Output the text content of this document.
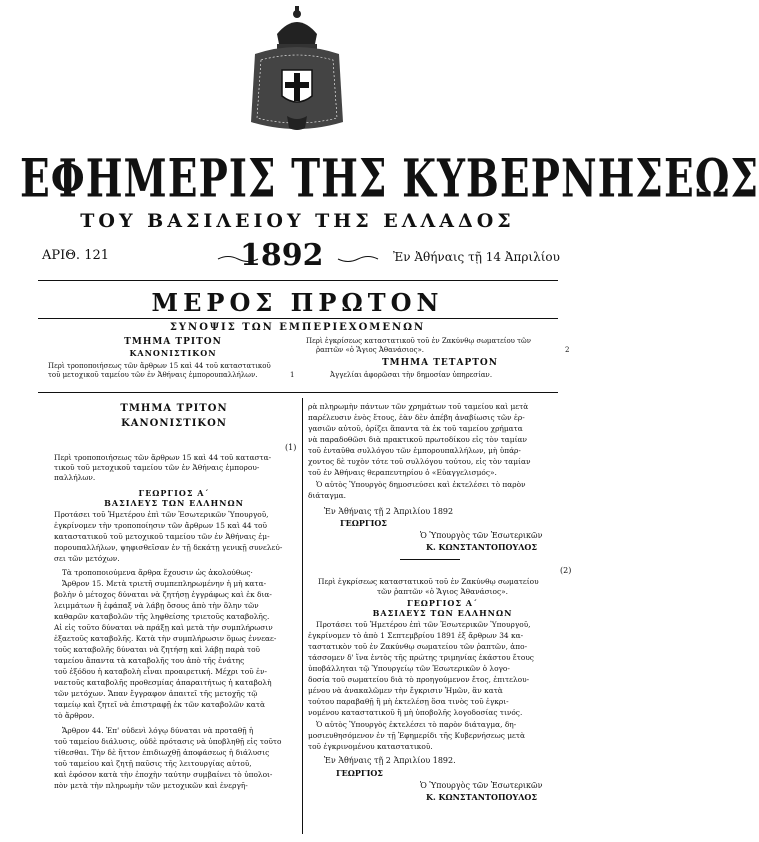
ΕΦΗΜΕΡΙΣ ΤΗΣ ΚΥΒΕΡΝΗΣΕΩΣ
ΤΟΥ ΒΑΣΙΛΕΙΟΥ ΤΗΣ ΕΛΛΑΔΟΣ
ΑΡΙΘ. 121	1892	Ἐν Ἀθήναις τῇ 14 Ἀπριλίου
ΜΕΡΟΣ ΠΡΩΤΟΝ
ΣΥΝΟΨΙΣ ΤΩΝ ΕΜΠΕΡΙΕΧΟΜΕΝΩΝ
ΤΜΗΜΑ ΤΡΙΤΟΝ
ΚΑΝΟΝΙΣΤΙΚΟΝ
Περὶ τροποποιήσεως τῶν ἄρθρων 15 καὶ 44 τοῦ καταστατικοῦ
τοῦ μετοχικοῦ ταμείου τῶν ἐν Ἀθήναις ἐμπορουπαλλήλων.	1
Περὶ ἐγκρίσεως καταστατικοῦ τοῦ ἐν Ζακύνθῳ σωματείου τῶν
ῥαπτῶν «ὁ Ἅγιος Ἀθανάσιος».	2
ΤΜΗΜΑ ΤΕΤΑΡΤΟΝ
Ἀγγελίαι ἀφορῶσαι τὴν δημοσίαν ὑπηρεσίαν.
ΤΜΗΜΑ ΤΡΙΤΟΝ
ΚΑΝΟΝΙΣΤΙΚΟΝ
(1)
Περὶ τροποποιήσεως τῶν ἄρθρων 15 καὶ 44 τοῦ καταστα-
τικοῦ τοῦ μετοχικοῦ ταμείου τῶν ἐν Ἀθήναις ἐμπορου-
παλλήλων.
ΓΕΩΡΓΙΟΣ Α΄
ΒΑΣΙΛΕΥΣ ΤΩΝ ΕΛΛΗΝΩΝ
Προτάσει τοῦ Ἡμετέρου ἐπὶ τῶν Ἐσωτερικῶν Ὑπουργοῦ,
ἐγκρίνομεν τὴν τροποποίησιν τῶν ἄρθρων 15 καὶ 44 τοῦ
καταστατικοῦ τοῦ μετοχικοῦ ταμείου τῶν ἐν Ἀθήναις ἐμ-
πορουπαλλήλων, ψηφισθεῖσαν ἐν τῇ δεκάτῃ γενικῇ συνελεύ-
σει τῶν μετόχων.
Τὰ τροποποιούμενα ἄρθρα ἔχουσιν ὡς ἀκολούθως·
Ἄρθρον 15. Μετὰ τριετῆ συμπεπληρωμένην ἡ μὴ κατα-
βολὴν ὁ μέτοχος δύναται νὰ ζητήσῃ ἐγγράφως καὶ ἐκ δια-
λειμμάτων ἢ ἐφάπαξ νὰ λάβῃ ὅσους ἀπὸ τὴν ὅλην τῶν
καθαρῶν καταβολῶν τῆς ληφθείσης τριετοῦς καταβολῆς.
Αἱ εἰς τοῦτο δύναται νὰ πράξῃ καὶ μετὰ τὴν συμπλήρωσιν
ἑξαετοῦς καταβολῆς. Κατὰ τὴν συμπλήρωσιν ὅμως ἐννεαε-
τοῦς καταβολῆς δύναται νὰ ζητήσῃ καὶ λάβῃ παρὰ τοῦ
ταμείου ἅπαντα τὰ καταβολῆς του ἀπὸ τῆς ἐνάτης
τοῦ ἐξόδου ἡ καταβολὴ εἶναι προαιρετική. Μέχρι τοῦ ἐν-
ναετοῦς καταβολῆς προθεσμίας ἀπαραιτήτως ἡ καταβολὴ
τῶν μετόχων. Ἅπαν ἔγγραφον ἀπαιτεῖ τῆς μετοχῆς τῷ
ταμείῳ καὶ ζητεῖ νὰ ἐπιστραφῇ ἐκ τῶν καταβολῶν κατὰ
τὸ ἄρθρον.
Ἄρθρον 44. Ἐπ' οὐδενὶ λόγῳ δύναται νὰ προταθῇ ἡ
τοῦ ταμείου διάλυσις, οὐδὲ πρότασις νὰ ὑποβληθῇ εἰς τοῦτο
τίθεσθαι. Τὴν δὲ ἤττον ἐπιδιωχθῇ ἀποφάσεως ἡ διάλυσις
τοῦ ταμείου καὶ ζητῇ παῦσις τῆς λειτουργίας αὐτοῦ,
καὶ ἐφόσον κατὰ τὴν ἐποχὴν ταύτην συμβαίνει τὸ ὑπολοι-
πὸν μετὰ τὴν πληρωμὴν τῶν μετοχικῶν καὶ ἐνεργῆ-
ρὰ πληρωμὴν πάντων τῶν χρημάτων τοῦ ταμείου καὶ μετὰ
παρέλευσιν ἑνὸς ἔτους, ἐὰν δὲν ἀπέβη ἀναβίωσις τῶν ἐρ-
γασιῶν αὐτοῦ, ὁρίζει ἅπαντα τὰ ἐκ τοῦ ταμείου χρήματα
νὰ παραδοθῶσι διὰ πρακτικοῦ πρωτοδίκου εἰς τὸν ταμίαν
τοῦ ἐνταῦθα συλλόγου τῶν ἐμπορουπαλλήλων, μὴ ὑπάρ-
χοντος δὲ τυχὸν τότε τοῦ συλλόγου τούτου, εἰς τὸν ταμίαν
τοῦ ἐν Ἀθήναις θεραπευτηρίου ὁ «Εὐαγγελισμός».
Ὁ αὐτὸς Ὑπουργὸς δημοσιεύσει καὶ ἐκτελέσει τὸ παρὸν
διάταγμα.
Ἐν Ἀθήναις τῇ 2 Ἀπριλίου 1892
ΓΕΩΡΓΙΟΣ
Ὁ Ὑπουργὸς τῶν Ἐσωτερικῶν
Κ. ΚΩΝΣΤΑΝΤΟΠΟΥΛΟΣ
(2)
Περὶ ἐγκρίσεως καταστατικοῦ τοῦ ἐν Ζακύνθῳ σωματείου
τῶν ῥαπτῶν «ὁ Ἅγιος Ἀθανάσιος».
ΓΕΩΡΓΙΟΣ Α΄
ΒΑΣΙΛΕΥΣ ΤΩΝ ΕΛΛΗΝΩΝ
Προτάσει τοῦ Ἡμετέρου ἐπὶ τῶν Ἐσωτερικῶν Ὑπουργοῦ,
ἐγκρίνομεν τὸ ἀπὸ 1 Σεπτεμβρίου 1891 ἐξ ἄρθρων 34 κα-
ταστατικὸν τοῦ ἐν Ζακύνθῳ σωματείου τῶν ῥαπτῶν, ἀπο-
τάσσομεν δ' ἵνα ἐντὸς τῆς πρώτης τριμηνίας ἑκάστου ἔτους
ὑποβάλληται τῷ Ὑπουργείῳ τῶν Ἐσωτερικῶν ὁ λογο-
δοσία τοῦ σωματείου διὰ τὸ προηγούμενον ἔτος, ἐπιτελου-
μένου νὰ ἀνακαλῶμεν τὴν ἔγκρισιν Ἡμῶν, ἂν κατὰ
τούτου παραβαθῇ ἢ μὴ ἐκτελέσῃ ὅσα τινὸς τοῦ ἐγκρι-
νομένου καταστατικοῦ ἢ μὴ ὑποβολῆς λογοδοσίας τινός.
Ὁ αὐτὸς Ὑπουργὸς ἐκτελέσει τὸ παρὸν διάταγμα, δη-
μοσιευθησόμενον ἐν τῇ Ἐφημερίδι τῆς Κυβερνήσεως μετὰ
τοῦ ἐγκρινομένου καταστατικοῦ.
Ἐν Ἀθήναις τῇ 2 Ἀπριλίου 1892.
ΓΕΩΡΓΙΟΣ
Ὁ Ὑπουργὸς τῶν Ἐσωτερικῶν
Κ. ΚΩΝΣΤΑΝΤΟΠΟΥΛΟΣ
